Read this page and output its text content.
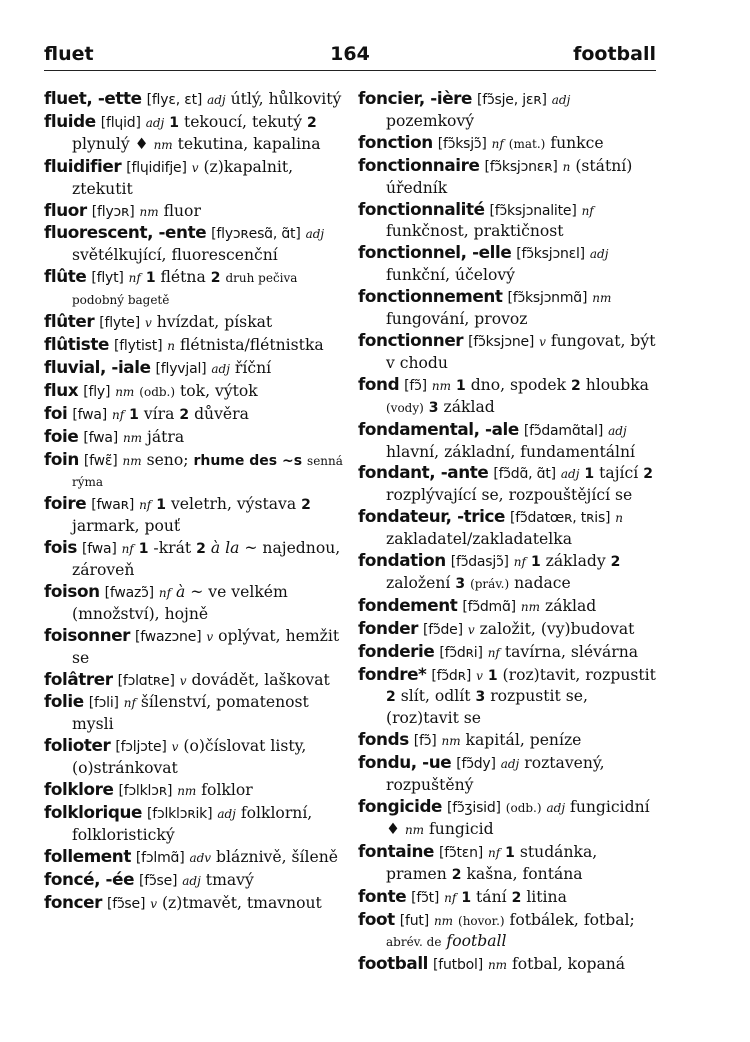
fluet	164	football

fluet, -ette [flyɛ, ɛt] adj útlý, hůlkovitý

fluide [flɥid] adj 1 tekoucí, tekutý 2 plynulý ♦ nm tekutina, kapalina

fluidifier [flɥidifje] v (z)kapalnit, ztekutit

fluor [flyɔʀ] nm fluor

fluorescent, -ente [flyɔʀesɑ̃, ɑ̃t] adj světélkující, fluorescenční

flûte [flyt] nf 1 flétna 2 druh pečiva podobný bagetě

flûter [flyte] v hvízdat, pískat

flûtiste [flytist] n flétnista/flétnistka

fluvial, -iale [flyvjal] adj říční

flux [fly] nm (odb.) tok, výtok

foi [fwa] nf 1 víra 2 důvěra

foie [fwa] nm játra

foin [fwɛ̃] nm seno; rhume des ~s senná rýma

foire [fwaʀ] nf 1 veletrh, výstava 2 jarmark, pouť

fois [fwa] nf 1 -krát 2 à la ~ najednou, zároveň

foison [fwazɔ̃] nf à ~ ve velkém (množství), hojně

foisonner [fwazɔne] v oplývat, hemžit se

folâtrer [fɔlɑtʀe] v dovádět, laškovat

folie [fɔli] nf šílenství, pomatenost mysli

folioter [fɔljɔte] v (o)číslovat listy, (o)stránkovat

folklore [fɔlklɔʀ] nm folklor

folklorique [fɔlklɔʀik] adj folklorní, folkloristický

follement [fɔlmɑ̃] adv bláznivě, šíleně

foncé, -ée [fɔ̃se] adj tmavý

foncer [fɔ̃se] v (z)tmavět, tmavnout

foncier, -ière [fɔ̃sje, jɛʀ] adj pozemkový

fonction [fɔ̃ksjɔ̃] nf (mat.) funkce

fonctionnaire [fɔ̃ksjɔnɛʀ] n (státní) úředník

fonctionnalité [fɔ̃ksjɔnalite] nf funkčnost, praktičnost

fonctionnel, -elle [fɔ̃ksjɔnɛl] adj funkční, účelový

fonctionnement [fɔ̃ksjɔnmɑ̃] nm fungování, provoz

fonctionner [fɔ̃ksjɔne] v fungovat, být v chodu

fond [fɔ̃] nm 1 dno, spodek 2 hloubka (vody) 3 základ

fondamental, -ale [fɔ̃damɑ̃tal] adj hlavní, základní, fundamentální

fondant, -ante [fɔ̃dɑ̃, ɑ̃t] adj 1 tající 2 rozplývající se, rozpouštějící se

fondateur, -trice [fɔ̃datœʀ, tʀis] n zakladatel/zakladatelka

fondation [fɔ̃dasjɔ̃] nf 1 základy 2 založení 3 (práv.) nadace

fondement [fɔ̃dmɑ̃] nm základ

fonder [fɔ̃de] v založit, (vy)budovat

fonderie [fɔ̃dʀi] nf tavírna, slévárna

fondre* [fɔ̃dʀ] v 1 (roz)tavit, rozpustit 2 slít, odlít 3 rozpustit se, (roz)tavit se

fonds [fɔ̃] nm kapitál, peníze

fondu, -ue [fɔ̃dy] adj roztavený, rozpuštěný

fongicide [fɔ̃ʒisid] (odb.) adj fungicidní ♦ nm fungicid

fontaine [fɔ̃tɛn] nf 1 studánka, pramen 2 kašna, fontána

fonte [fɔ̃t] nf 1 tání 2 litina

foot [fut] nm (hovor.) fotbálek, fotbal; abrév. de football

football [futbol] nm fotbal, kopaná
